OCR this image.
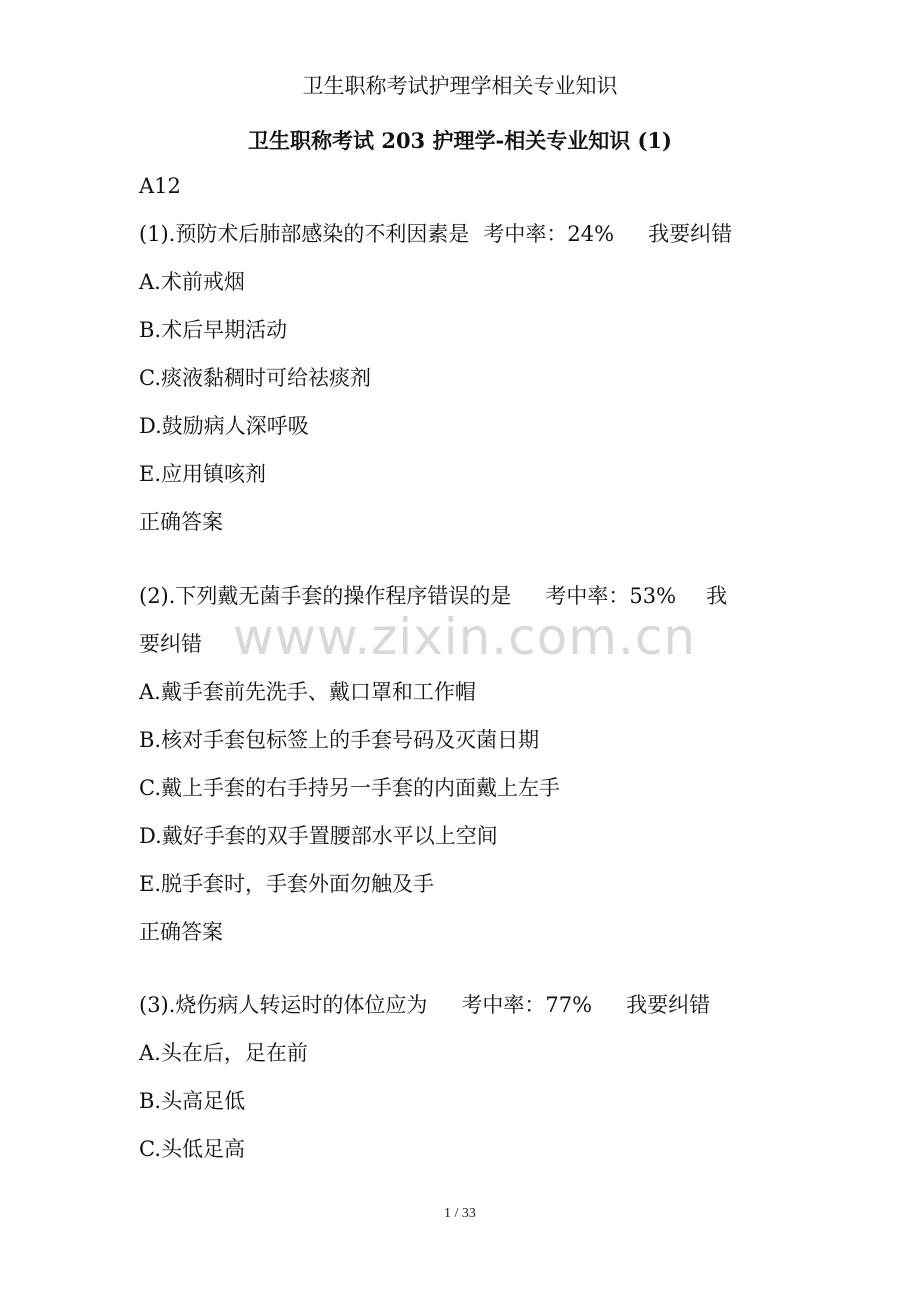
卫生职称考试护理学相关专业知识
卫生职称考试 203 护理学-相关专业知识 (1)
A12
(1).预防术后肺部感染的不利因素是 考中率：24% 我要纠错
A.术前戒烟
B.术后早期活动
C.痰液黏稠时可给祛痰剂
D.鼓励病人深呼吸
E.应用镇咳剂
正确答案
(2).下列戴无菌手套的操作程序错误的是 考中率：53% 我
要纠错
A.戴手套前先洗手、戴口罩和工作帽
B.核对手套包标签上的手套号码及灭菌日期
C.戴上手套的右手持另一手套的内面戴上左手
D.戴好手套的双手置腰部水平以上空间
E.脱手套时，手套外面勿触及手
正确答案
(3).烧伤病人转运时的体位应为 考中率：77% 我要纠错
A.头在后，足在前
B.头高足低
C.头低足高
www.zixin.com.cn
1 / 33
